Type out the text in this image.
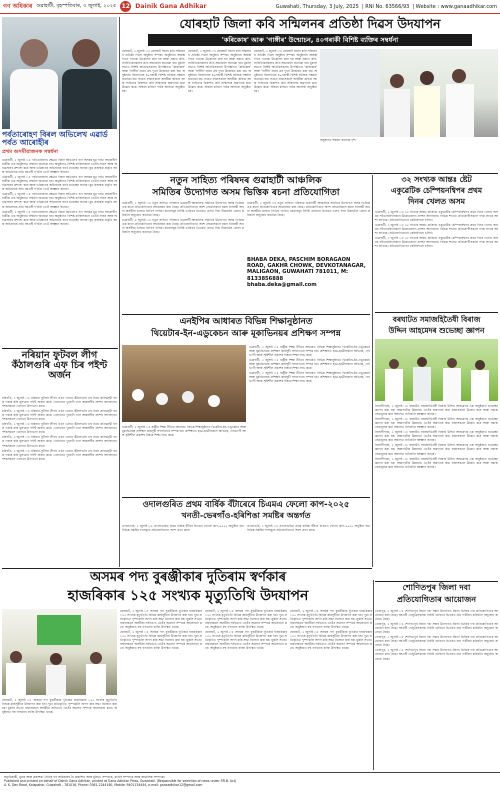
গণ অধিকাৰ গুৱাহাটী, বৃহস্পতিবাৰ, ৩ জুলাই, ২০২৫ 12 Dainik Gana Adhikar	Guwahati, Thursday, 3 July, 2025  | RNI No. 63566/93  | Website : www.ganaadhikar.com
পৰ্বতাৰোহণ বিৰল অভিলেখ এৱাৰ্ড পৰ্বত আৰোহীৰ
প্ৰথম অসমীয়াজনক সম্বৰ্ধনা

গুৱাহাটী, ২ জুলাই ঃ পৰ্বতাৰোহণৰ ক্ষেত্ৰত বিৰল অভিলেখ গঢ়া অসমৰ যুৱ পৰ্বত আৰোহীগৰাকীক এক অনুষ্ঠানত সম্বৰ্ধনা জনোৱা হয়। অনুষ্ঠানত বিশিষ্ট ব্যক্তিসকলে তেওঁৰ সাহস আৰু অধ্যৱসায়ৰ প্ৰশংসা কৰে আৰু ভৱিষ্যতৰ অভিযানৰ বাবে শুভেচ্ছা জনায়। যুৱ প্ৰজন্মক প্ৰকৃতি আৰু অভিযানৰ প্ৰতি আগ্ৰহী হ'বলৈ তেওঁ আহ্বান জনায়।

গুৱাহাটী, ২ জুলাই ঃ পৰ্বতাৰোহণৰ ক্ষেত্ৰত বিৰল অভিলেখ গঢ়া অসমৰ যুৱ পৰ্বত আৰোহীগৰাকীক এক অনুষ্ঠানত সম্বৰ্ধনা জনোৱা হয়। অনুষ্ঠানত বিশিষ্ট ব্যক্তিসকলে তেওঁৰ সাহস আৰু অধ্যৱসায়ৰ প্ৰশংসা কৰে আৰু ভৱিষ্যতৰ অভিযানৰ বাবে শুভেচ্ছা জনায়। যুৱ প্ৰজন্মক প্ৰকৃতি আৰু অভিযানৰ প্ৰতি আগ্ৰহী হ'বলৈ তেওঁ আহ্বান জনায়।

গুৱাহাটী, ২ জুলাই ঃ পৰ্বতাৰোহণৰ ক্ষেত্ৰত বিৰল অভিলেখ গঢ়া অসমৰ যুৱ পৰ্বত আৰোহীগৰাকীক এক অনুষ্ঠানত সম্বৰ্ধনা জনোৱা হয়। অনুষ্ঠানত বিশিষ্ট ব্যক্তিসকলে তেওঁৰ সাহস আৰু অধ্যৱসায়ৰ প্ৰশংসা কৰে আৰু ভৱিষ্যতৰ অভিযানৰ বাবে শুভেচ্ছা জনায়। যুৱ প্ৰজন্মক প্ৰকৃতি আৰু অভিযানৰ প্ৰতি আগ্ৰহী হ'বলৈ তেওঁ আহ্বান জনায়।

গুৱাহাটী, ২ জুলাই ঃ পৰ্বতাৰোহণৰ ক্ষেত্ৰত বিৰল অভিলেখ গঢ়া অসমৰ যুৱ পৰ্বত আৰোহীগৰাকীক এক অনুষ্ঠানত সম্বৰ্ধনা জনোৱা হয়। অনুষ্ঠানত বিশিষ্ট ব্যক্তিসকলে তেওঁৰ সাহস আৰু অধ্যৱসায়ৰ প্ৰশংসা কৰে আৰু ভৱিষ্যতৰ অভিযানৰ বাবে শুভেচ্ছা জনায়। যুৱ প্ৰজন্মক প্ৰকৃতি আৰু অভিযানৰ প্ৰতি আগ্ৰহী হ'বলৈ তেওঁ আহ্বান জনায়।

নৰিয়ান ফুটবল লীগ কঁঠালগুৰি এফ চিৰ পইণ্ট অৰ্জন

মৰিগাঁও, ২ জুলাই ঃ নৰিয়ান ফুটবল লীগৰ এখন খেলত কঁঠালগুৰি এফ চিয়ে প্ৰতিদ্বন্দ্বী দলক পৰাস্ত কৰি মূল্যৱান পইণ্ট অৰ্জন কৰে। খেলখনত দুয়োটা দলে আকৰ্ষণীয় প্ৰদৰ্শন আগবঢ়ায়। দৰ্শকসকলে খেলখন উপভোগ কৰে।

মৰিগাঁও, ২ জুলাই ঃ নৰিয়ান ফুটবল লীগৰ এখন খেলত কঁঠালগুৰি এফ চিয়ে প্ৰতিদ্বন্দ্বী দলক পৰাস্ত কৰি মূল্যৱান পইণ্ট অৰ্জন কৰে। খেলখনত দুয়োটা দলে আকৰ্ষণীয় প্ৰদৰ্শন আগবঢ়ায়। দৰ্শকসকলে খেলখন উপভোগ কৰে।

মৰিগাঁও, ২ জুলাই ঃ নৰিয়ান ফুটবল লীগৰ এখন খেলত কঁঠালগুৰি এফ চিয়ে প্ৰতিদ্বন্দ্বী দলক পৰাস্ত কৰি মূল্যৱান পইণ্ট অৰ্জন কৰে। খেলখনত দুয়োটা দলে আকৰ্ষণীয় প্ৰদৰ্শন আগবঢ়ায়। দৰ্শকসকলে খেলখন উপভোগ কৰে।

মৰিগাঁও, ২ জুলাই ঃ নৰিয়ান ফুটবল লীগৰ এখন খেলত কঁঠালগুৰি এফ চিয়ে প্ৰতিদ্বন্দ্বী দলক পৰাস্ত কৰি মূল্যৱান পইণ্ট অৰ্জন কৰে। খেলখনত দুয়োটা দলে আকৰ্ষণীয় প্ৰদৰ্শন আগবঢ়ায়। দৰ্শকসকলে খেলখন উপভোগ কৰে।

মৰিগাঁও, ২ জুলাই ঃ নৰিয়ান ফুটবল লীগৰ এখন খেলত কঁঠালগুৰি এফ চিয়ে প্ৰতিদ্বন্দ্বী দলক পৰাস্ত কৰি মূল্যৱান পইণ্ট অৰ্জন কৰে। খেলখনত দুয়োটা দলে আকৰ্ষণীয় প্ৰদৰ্শন আগবঢ়ায়। দৰ্শকসকলে খেলখন উপভোগ কৰে।

যোৰহাট জিলা কবি সন্মিলনৰ প্ৰতিষ্ঠা দিৱস উদযাপন
'কৰিকোষ' আৰু 'গাঙ্গীৰ' উন্মোচন, ৪০গৰাকী বিশিষ্ট ব্যক্তিৰ সম্বৰ্ধনা

যোৰহাট, ২ জুলাই ঃ যোৰহাট জিলা কবি সন্মিলনৰ প্ৰতিষ্ঠা দিৱস অনুষ্ঠান সম্পন্ন। অনুষ্ঠানৰ আৰম্ভণিতে পতাকা উত্তোলন কৰা হয় আৰু প্ৰয়াত কবি-সাহিত্যিকসকলৰ প্ৰতি শ্ৰদ্ধাঞ্জলি জনোৱা হয়। মুকলি সভাত বিশিষ্ট অতিথিসকলৰ উপস্থিতিত 'কৰিকোষ' আৰু 'গাঙ্গীৰ' নামৰ গ্ৰন্থ দুখন উন্মোচন কৰা হয়। অনুষ্ঠানত জিলাখনৰ ৪০গৰাকী বিশিষ্ট ব্যক্তিক সম্বৰ্ধনা জনোৱা হয়। সভাত বক্তাসকলে অসমীয়া কবিতা আৰু সাহিত্যৰ বিকাশত কবি সন্মিলনৰ অৱদানৰ কথা উল্লেখ কৰে। সন্ধিয়া কবিতা পাঠৰ আসৰো অনুষ্ঠিত হয়।

যোৰহাট, ২ জুলাই ঃ যোৰহাট জিলা কবি সন্মিলনৰ প্ৰতিষ্ঠা দিৱস অনুষ্ঠান সম্পন্ন। অনুষ্ঠানৰ আৰম্ভণিতে পতাকা উত্তোলন কৰা হয় আৰু প্ৰয়াত কবি-সাহিত্যিকসকলৰ প্ৰতি শ্ৰদ্ধাঞ্জলি জনোৱা হয়। মুকলি সভাত বিশিষ্ট অতিথিসকলৰ উপস্থিতিত 'কৰিকোষ' আৰু 'গাঙ্গীৰ' নামৰ গ্ৰন্থ দুখন উন্মোচন কৰা হয়। অনুষ্ঠানত জিলাখনৰ ৪০গৰাকী বিশিষ্ট ব্যক্তিক সম্বৰ্ধনা জনোৱা হয়। সভাত বক্তাসকলে অসমীয়া কবিতা আৰু সাহিত্যৰ বিকাশত কবি সন্মিলনৰ অৱদানৰ কথা উল্লেখ কৰে। সন্ধিয়া কবিতা পাঠৰ আসৰো অনুষ্ঠিত হয়।

যোৰহাট, ২ জুলাই ঃ যোৰহাট জিলা কবি সন্মিলনৰ প্ৰতিষ্ঠা দিৱস অনুষ্ঠান সম্পন্ন। অনুষ্ঠানৰ আৰম্ভণিতে পতাকা উত্তোলন কৰা হয় আৰু প্ৰয়াত কবি-সাহিত্যিকসকলৰ প্ৰতি শ্ৰদ্ধাঞ্জলি জনোৱা হয়। মুকলি সভাত বিশিষ্ট অতিথিসকলৰ উপস্থিতিত 'কৰিকোষ' আৰু 'গাঙ্গীৰ' নামৰ গ্ৰন্থ দুখন উন্মোচন কৰা হয়। অনুষ্ঠানত জিলাখনৰ ৪০গৰাকী বিশিষ্ট ব্যক্তিক সম্বৰ্ধনা জনোৱা হয়। সভাত বক্তাসকলে অসমীয়া কবিতা আৰু সাহিত্যৰ বিকাশত কবি সন্মিলনৰ অৱদানৰ কথা উল্লেখ কৰে। সন্ধিয়া কবিতা পাঠৰ আসৰো অনুষ্ঠিত হয়।

অনুষ্ঠানত সম্বৰ্ধনা জনোৱা দৃশ্য
নতুন সাহিত্য পৰিষদৰ গুৱাহাটী আঞ্চলিক
সমিতিৰ উদ্যোগত অসম ভিত্তিক ৰচনা প্ৰতিযোগিতা

গুৱাহাটী, ২ জুলাই ঃ নতুন সাহিত্য পৰিষদৰ গুৱাহাটী আঞ্চলিক সমিতিৰ উদ্যোগত অসম ভিত্তিক এক ৰচনা প্ৰতিযোগিতাৰ আয়োজন কৰা হৈছে। প্ৰতিযোগিতাত অংশ লোৱাসকলে ৰচনা ইংৰাজী অথবা অসমীয়া ভাষাত লিখিব পাৰিব। ৰচনাসমূহ নিৰ্দিষ্ট তাৰিখৰ ভিতৰত তলত দিয়া ঠিকনালৈ প্ৰেৰণ কৰিবলৈ অনুৰোধ জনোৱা হৈছে।

গুৱাহাটী, ২ জুলাই ঃ নতুন সাহিত্য পৰিষদৰ গুৱাহাটী আঞ্চলিক সমিতিৰ উদ্যোগত অসম ভিত্তিক এক ৰচনা প্ৰতিযোগিতাৰ আয়োজন কৰা হৈছে। প্ৰতিযোগিতাত অংশ লোৱাসকলে ৰচনা ইংৰাজী অথবা অসমীয়া ভাষাত লিখিব পাৰিব। ৰচনাসমূহ নিৰ্দিষ্ট তাৰিখৰ ভিতৰত তলত দিয়া ঠিকনালৈ প্ৰেৰণ কৰিবলৈ অনুৰোধ জনোৱা হৈছে।

গুৱাহাটী, ২ জুলাই ঃ নতুন সাহিত্য পৰিষদৰ গুৱাহাটী আঞ্চলিক সমিতিৰ উদ্যোগত অসম ভিত্তিক এক ৰচনা প্ৰতিযোগিতাৰ আয়োজন কৰা হৈছে। প্ৰতিযোগিতাত অংশ লোৱাসকলে ৰচনা ইংৰাজী অথবা অসমীয়া ভাষাত লিখিব পাৰিব। ৰচনাসমূহ নিৰ্দিষ্ট তাৰিখৰ ভিতৰত তলত দিয়া ঠিকনালৈ প্ৰেৰণ কৰিবলৈ অনুৰোধ জনোৱা হৈছে।

BHABA DEKA, PASCHIM BORAGAON ROAD, GAKHR CHOWK, DEVKOTANAGAR, MALIGAON, GUWAHATI 781011, M: 8133856888
bhaba.deka@gmail.com
এনইপিৰ আধাৰত বিভিন্ন শিক্ষানুষ্ঠানত
থিয়েটাৰ-ইন-এডুকেচন আৰু মূকাভিনয়ৰ প্ৰশিক্ষণ সম্পন্ন

গুৱাহাটী, ২ জুলাই ঃ ৰাষ্ট্ৰীয় শিক্ষা নীতিৰ আধাৰত বিভিন্ন শিক্ষানুষ্ঠানত থিয়েটাৰ-ইন-এডুকেচন আৰু মূকাভিনয়ৰ প্ৰশিক্ষণ কাৰ্যসূচী সফলতাৰে সম্পন্ন হয়। প্ৰশিক্ষণত ছাত্ৰ-ছাত্ৰীসকলে অভিনয়, দেহভংগী আৰু সৃষ্টিশীল প্ৰকাশৰ বিষয়ে শিক্ষা লাভ কৰে।

গুৱাহাটী, ২ জুলাই ঃ ৰাষ্ট্ৰীয় শিক্ষা নীতিৰ আধাৰত বিভিন্ন শিক্ষানুষ্ঠানত থিয়েটাৰ-ইন-এডুকেচন আৰু মূকাভিনয়ৰ প্ৰশিক্ষণ কাৰ্যসূচী সফলতাৰে সম্পন্ন হয়। প্ৰশিক্ষণত ছাত্ৰ-ছাত্ৰীসকলে অভিনয়, দেহভংগী আৰু সৃষ্টিশীল প্ৰকাশৰ বিষয়ে শিক্ষা লাভ কৰে।

গুৱাহাটী, ২ জুলাই ঃ ৰাষ্ট্ৰীয় শিক্ষা নীতিৰ আধাৰত বিভিন্ন শিক্ষানুষ্ঠানত থিয়েটাৰ-ইন-এডুকেচন আৰু মূকাভিনয়ৰ প্ৰশিক্ষণ কাৰ্যসূচী সফলতাৰে সম্পন্ন হয়। প্ৰশিক্ষণত ছাত্ৰ-ছাত্ৰীসকলে অভিনয়, দেহভংগী আৰু সৃষ্টিশীল প্ৰকাশৰ বিষয়ে শিক্ষা লাভ কৰে।

গুৱাহাটী, ২ জুলাই ঃ ৰাষ্ট্ৰীয় শিক্ষা নীতিৰ আধাৰত বিভিন্ন শিক্ষানুষ্ঠানত থিয়েটাৰ-ইন-এডুকেচন আৰু মূকাভিনয়ৰ প্ৰশিক্ষণ কাৰ্যসূচী সফলতাৰে সম্পন্ন হয়। প্ৰশিক্ষণত ছাত্ৰ-ছাত্ৰীসকলে অভিনয়, দেহভংগী আৰু সৃষ্টিশীল প্ৰকাশৰ বিষয়ে শিক্ষা লাভ কৰে।

ওদালগুৰিত প্ৰথম বাৰ্ষিক বঁটাৰেৰে চিএমএ ফেলো কাপ-২০২৫
খনতী-ভেৰগাঁও-হৰিশিঙা সমষ্টিৰ অন্তৰ্গত

ওদালগুৰি, ২ জুলাই ঃ ওদালগুৰিত প্ৰথম বাৰ্ষিক বঁটাৰে চিএমএ ফেলো কাপ-২০২৫ অনুষ্ঠিত হয়। বিভিন্ন সমষ্টিৰ দলসমূহে প্ৰতিযোগিতাত অংশ গ্ৰহণ কৰে।

ওদালগুৰি, ২ জুলাই ঃ ওদালগুৰিত প্ৰথম বাৰ্ষিক বঁটাৰে চিএমএ ফেলো কাপ-২০২৫ অনুষ্ঠিত হয়। বিভিন্ন সমষ্টিৰ দলসমূহে প্ৰতিযোগিতাত অংশ গ্ৰহণ কৰে।

৩২ সংখ্যক আন্তঃ ষ্টেট
একুৱেটিক চেম্পিয়নশ্বিপৰ প্ৰথম
দিনৰ খেলত অসম

গুৱাহাটী, ২ জুলাই ঃ ৩২ সংখ্যক আন্তঃ ৰাজ্যিক একুৱেটিক চেম্পিয়নশ্বিপৰ প্ৰথম দিনৰ খেলত অসমৰ সাঁতোৰবিদসকলে উল্লেখযোগ্য প্ৰদৰ্শন আগবঢ়ায়। বিভিন্ন শাখাত প্ৰতিযোগীসকলে পদক লাভৰ আশা ৰাখিছে। প্ৰতিযোগিতাখন কেইবাদিনো চলিব।

গুৱাহাটী, ২ জুলাই ঃ ৩২ সংখ্যক আন্তঃ ৰাজ্যিক একুৱেটিক চেম্পিয়নশ্বিপৰ প্ৰথম দিনৰ খেলত অসমৰ সাঁতোৰবিদসকলে উল্লেখযোগ্য প্ৰদৰ্শন আগবঢ়ায়। বিভিন্ন শাখাত প্ৰতিযোগীসকলে পদক লাভৰ আশা ৰাখিছে। প্ৰতিযোগিতাখন কেইবাদিনো চলিব।

গুৱাহাটী, ২ জুলাই ঃ ৩২ সংখ্যক আন্তঃ ৰাজ্যিক একুৱেটিক চেম্পিয়নশ্বিপৰ প্ৰথম দিনৰ খেলত অসমৰ সাঁতোৰবিদসকলে উল্লেখযোগ্য প্ৰদৰ্শন আগবঢ়ায়। বিভিন্ন শাখাত প্ৰতিযোগীসকলে পদক লাভৰ আশা ৰাখিছে। প্ৰতিযোগিতাখন কেইবাদিনো চলিব।

বৰঘাটত সমাজহিতৈষী বিৰাজ
উদ্দিন আহমেদৰ শুভেচ্ছা জ্ঞাপন

বিলাসীপাৰা, ২ জুলাই ঃ বৰঘাটত সমাজহিতৈষী বিৰাজ উদ্দিন আহমেদক এক অনুষ্ঠানত শুভেচ্ছা জ্ঞাপন কৰা হয়। অঞ্চলটোৰ উন্নয়নত তেওঁৰ অৱদানৰ কথা বক্তাসকলে উল্লেখ কৰে আৰু সমাজসেৱামূলক কাম অব্যাহত ৰাখিবলৈ আহ্বান জনায়।

বিলাসীপাৰা, ২ জুলাই ঃ বৰঘাটত সমাজহিতৈষী বিৰাজ উদ্দিন আহমেদক এক অনুষ্ঠানত শুভেচ্ছা জ্ঞাপন কৰা হয়। অঞ্চলটোৰ উন্নয়নত তেওঁৰ অৱদানৰ কথা বক্তাসকলে উল্লেখ কৰে আৰু সমাজসেৱামূলক কাম অব্যাহত ৰাখিবলৈ আহ্বান জনায়।

বিলাসীপাৰা, ২ জুলাই ঃ বৰঘাটত সমাজহিতৈষী বিৰাজ উদ্দিন আহমেদক এক অনুষ্ঠানত শুভেচ্ছা জ্ঞাপন কৰা হয়। অঞ্চলটোৰ উন্নয়নত তেওঁৰ অৱদানৰ কথা বক্তাসকলে উল্লেখ কৰে আৰু সমাজসেৱামূলক কাম অব্যাহত ৰাখিবলৈ আহ্বান জনায়।

বিলাসীপাৰা, ২ জুলাই ঃ বৰঘাটত সমাজহিতৈষী বিৰাজ উদ্দিন আহমেদক এক অনুষ্ঠানত শুভেচ্ছা জ্ঞাপন কৰা হয়। অঞ্চলটোৰ উন্নয়নত তেওঁৰ অৱদানৰ কথা বক্তাসকলে উল্লেখ কৰে আৰু সমাজসেৱামূলক কাম অব্যাহত ৰাখিবলৈ আহ্বান জনায়।

বিলাসীপাৰা, ২ জুলাই ঃ বৰঘাটত সমাজহিতৈষী বিৰাজ উদ্দিন আহমেদক এক অনুষ্ঠানত শুভেচ্ছা জ্ঞাপন কৰা হয়। অঞ্চলটোৰ উন্নয়নত তেওঁৰ অৱদানৰ কথা বক্তাসকলে উল্লেখ কৰে আৰু সমাজসেৱামূলক কাম অব্যাহত ৰাখিবলৈ আহ্বান জনায়।

অসমৰ পদ্য বুৰঞ্জীকাৰ দুতিৰাম স্বৰ্ণকাৰ
হাজৰিকাৰ ১২৫ সংখ্যক মৃত্যুতিথি উদযাপন

যোৰহাট, ২ জুলাই ঃ অসমৰ পদ্য বুৰঞ্জীকাৰ দুতিৰাম হাজৰিকাৰ ১২৫ সংখ্যক মৃত্যুতিথি বিভিন্ন কাৰ্যসূচীৰে উদযাপন কৰা হয়। পুৱা প্ৰতিকৃতিত পুষ্পাঞ্জলি অৰ্পণ কৰি শ্ৰদ্ধা নিবেদন কৰা হয়। মুকলি সভাত বক্তাসকলে অসমীয়া সাহিত্যত তেওঁৰ অৱদান সম্পৰ্কে আলোচনা কৰে। অনুষ্ঠানত বহু গণ্যমান্য ব্যক্তি উপস্থিত থাকে।

যোৰহাট, ২ জুলাই ঃ অসমৰ পদ্য বুৰঞ্জীকাৰ দুতিৰাম হাজৰিকাৰ ১২৫ সংখ্যক মৃত্যুতিথি বিভিন্ন কাৰ্যসূচীৰে উদযাপন কৰা হয়। পুৱা প্ৰতিকৃতিত পুষ্পাঞ্জলি অৰ্পণ কৰি শ্ৰদ্ধা নিবেদন কৰা হয়। মুকলি সভাত বক্তাসকলে অসমীয়া সাহিত্যত তেওঁৰ অৱদান সম্পৰ্কে আলোচনা কৰে। অনুষ্ঠানত বহু গণ্যমান্য ব্যক্তি উপস্থিত থাকে।

যোৰহাট, ২ জুলাই ঃ অসমৰ পদ্য বুৰঞ্জীকাৰ দুতিৰাম হাজৰিকাৰ ১২৫ সংখ্যক মৃত্যুতিথি বিভিন্ন কাৰ্যসূচীৰে উদযাপন কৰা হয়। পুৱা প্ৰতিকৃতিত পুষ্পাঞ্জলি অৰ্পণ কৰি শ্ৰদ্ধা নিবেদন কৰা হয়। মুকলি সভাত বক্তাসকলে অসমীয়া সাহিত্যত তেওঁৰ অৱদান সম্পৰ্কে আলোচনা কৰে। অনুষ্ঠানত বহু গণ্যমান্য ব্যক্তি উপস্থিত থাকে।

যোৰহাট, ২ জুলাই ঃ অসমৰ পদ্য বুৰঞ্জীকাৰ দুতিৰাম হাজৰিকাৰ ১২৫ সংখ্যক মৃত্যুতিথি বিভিন্ন কাৰ্যসূচীৰে উদযাপন কৰা হয়। পুৱা প্ৰতিকৃতিত পুষ্পাঞ্জলি অৰ্পণ কৰি শ্ৰদ্ধা নিবেদন কৰা হয়। মুকলি সভাত বক্তাসকলে অসমীয়া সাহিত্যত তেওঁৰ অৱদান সম্পৰ্কে আলোচনা কৰে। অনুষ্ঠানত বহু গণ্যমান্য ব্যক্তি উপস্থিত থাকে।

যোৰহাট, ২ জুলাই ঃ অসমৰ পদ্য বুৰঞ্জীকাৰ দুতিৰাম হাজৰিকাৰ ১২৫ সংখ্যক মৃত্যুতিথি বিভিন্ন কাৰ্যসূচীৰে উদযাপন কৰা হয়। পুৱা প্ৰতিকৃতিত পুষ্পাঞ্জলি অৰ্পণ কৰি শ্ৰদ্ধা নিবেদন কৰা হয়। মুকলি সভাত বক্তাসকলে অসমীয়া সাহিত্যত তেওঁৰ অৱদান সম্পৰ্কে আলোচনা কৰে। অনুষ্ঠানত বহু গণ্যমান্য ব্যক্তি উপস্থিত থাকে।

যোৰহাট, ২ জুলাই ঃ অসমৰ পদ্য বুৰঞ্জীকাৰ দুতিৰাম হাজৰিকাৰ ১২৫ সংখ্যক মৃত্যুতিথি বিভিন্ন কাৰ্যসূচীৰে উদযাপন কৰা হয়। পুৱা প্ৰতিকৃতিত পুষ্পাঞ্জলি অৰ্পণ কৰি শ্ৰদ্ধা নিবেদন কৰা হয়। মুকলি সভাত বক্তাসকলে অসমীয়া সাহিত্যত তেওঁৰ অৱদান সম্পৰ্কে আলোচনা কৰে। অনুষ্ঠানত বহু গণ্যমান্য ব্যক্তি উপস্থিত থাকে।

যোৰহাট, ২ জুলাই ঃ অসমৰ পদ্য বুৰঞ্জীকাৰ দুতিৰাম হাজৰিকাৰ ১২৫ সংখ্যক মৃত্যুতিথি বিভিন্ন কাৰ্যসূচীৰে উদযাপন কৰা হয়। পুৱা প্ৰতিকৃতিত পুষ্পাঞ্জলি অৰ্পণ কৰি শ্ৰদ্ধা নিবেদন কৰা হয়। মুকলি সভাত বক্তাসকলে অসমীয়া সাহিত্যত তেওঁৰ অৱদান সম্পৰ্কে আলোচনা কৰে। অনুষ্ঠানত বহু গণ্যমান্য ব্যক্তি উপস্থিত থাকে।

শোণিতপুৰ জিলা দবা
প্ৰতিযোগিতাৰ আয়োজন

তেজপুৰ, ২ জুলাই ঃ শোণিতপুৰ জিলা দবা সন্থাৰ উদ্যোগত জিলা ভিত্তিক দবা প্ৰতিযোগিতাৰ আয়োজন কৰা হৈছে। আগ্ৰহী খেলুৱৈসকলক নিৰ্দিষ্ট তাৰিখৰ ভিতৰত নাম পঞ্জীয়ন কৰিবলৈ অনুৰোধ জনোৱা হৈছে।

তেজপুৰ, ২ জুলাই ঃ শোণিতপুৰ জিলা দবা সন্থাৰ উদ্যোগত জিলা ভিত্তিক দবা প্ৰতিযোগিতাৰ আয়োজন কৰা হৈছে। আগ্ৰহী খেলুৱৈসকলক নিৰ্দিষ্ট তাৰিখৰ ভিতৰত নাম পঞ্জীয়ন কৰিবলৈ অনুৰোধ জনোৱা হৈছে।

তেজপুৰ, ২ জুলাই ঃ শোণিতপুৰ জিলা দবা সন্থাৰ উদ্যোগত জিলা ভিত্তিক দবা প্ৰতিযোগিতাৰ আয়োজন কৰা হৈছে। আগ্ৰহী খেলুৱৈসকলক নিৰ্দিষ্ট তাৰিখৰ ভিতৰত নাম পঞ্জীয়ন কৰিবলৈ অনুৰোধ জনোৱা হৈছে।

তেজপুৰ, ২ জুলাই ঃ শোণিতপুৰ জিলা দবা সন্থাৰ উদ্যোগত জিলা ভিত্তিক দবা প্ৰতিযোগিতাৰ আয়োজন কৰা হৈছে। আগ্ৰহী খেলুৱৈসকলক নিৰ্দিষ্ট তাৰিখৰ ভিতৰত নাম পঞ্জীয়ন কৰিবলৈ অনুৰোধ জনোৱা হৈছে।

স্বত্বাধিকাৰী, মুদ্ৰক আৰু প্ৰকাশক: দৈনিক গণ অধিকাৰৰ হৈ প্ৰকাশিত আৰু মুদ্ৰিত। সম্পাদক, বাতৰি সম্পাদক আৰু আৱাসিক সম্পাদক।
Published and printed on behalf of Dainik Gana Adhikar, printed at Gana Adhikar Press, Guwahati. (Responsible for selection of news under P.R.B. Act)
A. K. Dev Road, Kalapahar, Guwahati - 781016, Phone: 0361-2244160, Mobile: 9401134444, e-mail: ganaadhikar12@gmail.com
